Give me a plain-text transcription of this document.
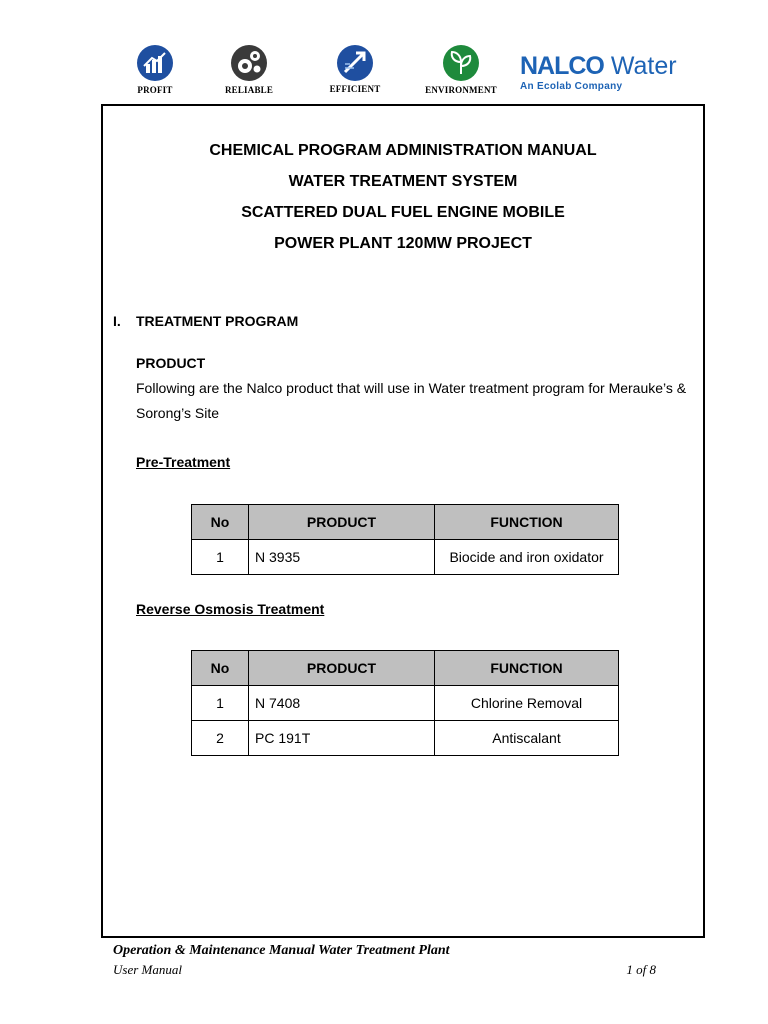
PROFIT	RELIABLE	EFFICIENT	ENVIRONMENT
NALCO Water
An Ecolab Company
CHEMICAL PROGRAM ADMINISTRATION MANUAL
WATER TREATMENT SYSTEM
SCATTERED DUAL FUEL ENGINE MOBILE
POWER PLANT 120MW PROJECT
I. TREATMENT PROGRAM
PRODUCT
Following are the Nalco product that will use in Water treatment program for Merauke’s &
Sorong’s Site
Pre-Treatment
No	PRODUCT	FUNCTION
1	N 3935	Biocide and iron oxidator
Reverse Osmosis Treatment
No	PRODUCT	FUNCTION
1	N 7408	Chlorine Removal
2	PC 191T	Antiscalant
Operation & Maintenance Manual Water Treatment Plant
User Manual	1 of 8
